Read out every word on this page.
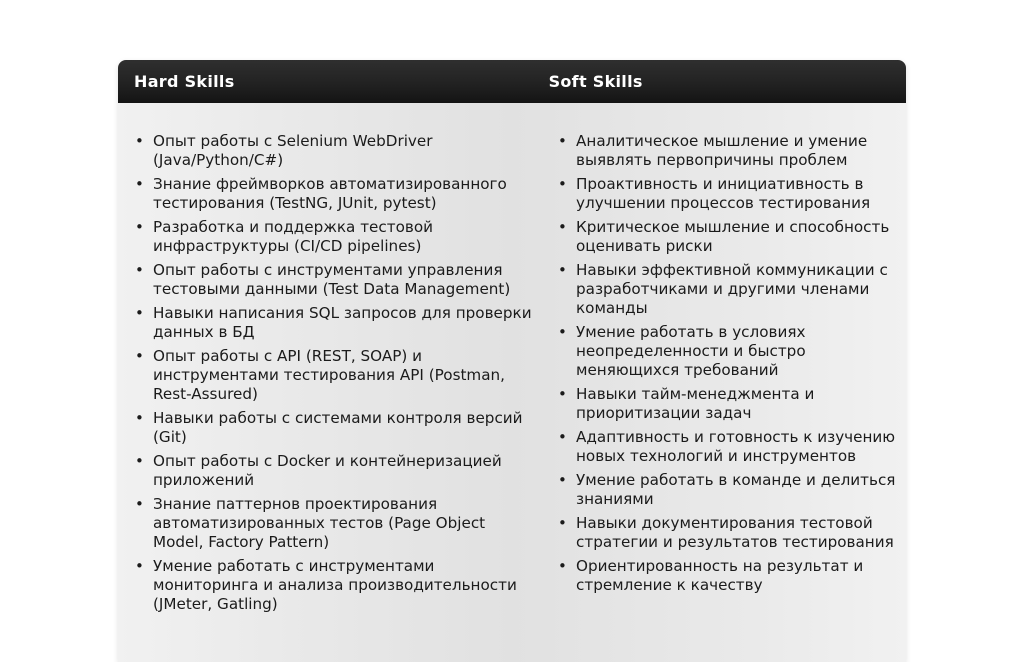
Hard Skills	Soft Skills
• Опыт работы с Selenium WebDriver (Java/Python/C#)
• Знание фреймворков автоматизированного тестирования (TestNG, JUnit, pytest)
• Разработка и поддержка тестовой инфраструктуры (CI/CD pipelines)
• Опыт работы с инструментами управления тестовыми данными (Test Data Management)
• Навыки написания SQL запросов для проверки данных в БД
• Опыт работы с API (REST, SOAP) и инструментами тестирования API (Postman, Rest-Assured)
• Навыки работы с системами контроля версий (Git)
• Опыт работы с Docker и контейнеризацией приложений
• Знание паттернов проектирования автоматизированных тестов (Page Object Model, Factory Pattern)
• Умение работать с инструментами мониторинга и анализа производительности (JMeter, Gatling)
• Аналитическое мышление и умение выявлять первопричины проблем
• Проактивность и инициативность в улучшении процессов тестирования
• Критическое мышление и способность оценивать риски
• Навыки эффективной коммуникации с разработчиками и другими членами команды
• Умение работать в условиях неопределенности и быстро меняющихся требований
• Навыки тайм-менеджмента и приоритизации задач
• Адаптивность и готовность к изучению новых технологий и инструментов
• Умение работать в команде и делиться знаниями
• Навыки документирования тестовой стратегии и результатов тестирования
• Ориентированность на результат и стремление к качеству
